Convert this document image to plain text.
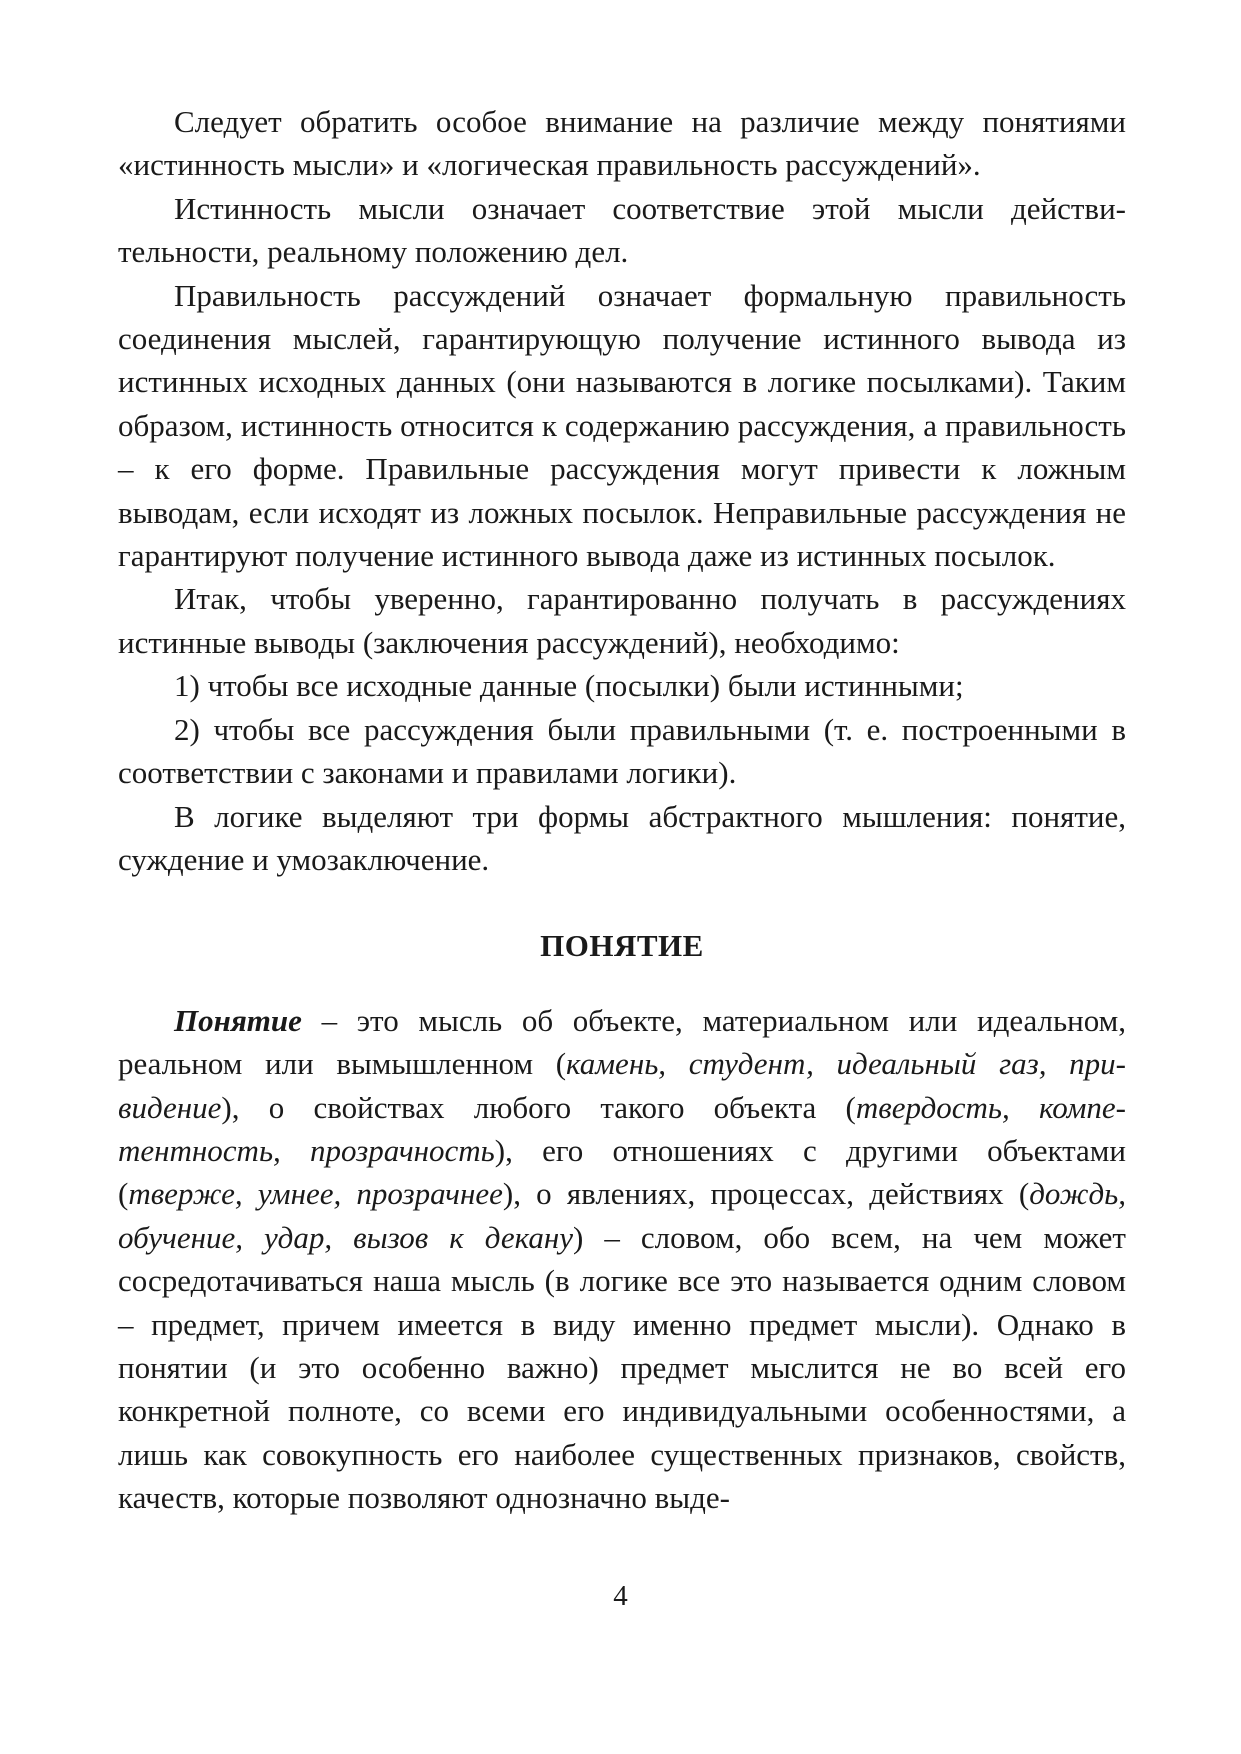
Следует обратить особое внимание на различие между понятиями «истинность мысли» и «логическая правильность рассуждений».

Истинность мысли означает соответствие этой мысли действительности, реальному положению дел.

Правильность рассуждений означает формальную правильность соединения мыслей, гарантирующую получение истинного вывода из истинных исходных данных (они называются в логике посылками). Таким образом, истинность относится к содержанию рассуждения, а правильность – к его форме. Правильные рассуждения могут привести к ложным выводам, если исходят из ложных посылок. Неправильные рассуждения не гарантируют получение истинного вывода даже из истинных посылок.

Итак, чтобы уверенно, гарантированно получать в рассуждениях истинные выводы (заключения рассуждений), необходимо:

1) чтобы все исходные данные (посылки) были истинными;

2) чтобы все рассуждения были правильными (т. е. построенными в соответствии с законами и правилами логики).

В логике выделяют три формы абстрактного мышления: понятие, суждение и умозаключение.

ПОНЯТИЕ

Понятие – это мысль об объекте, материальном или идеальном, реальном или вымышленном (камень, студент, идеальный газ, привидение), о свойствах любого такого объекта (твердость, компетентность, прозрачность), его отношениях с другими объектами (тверже, умнее, прозрачнее), о явлениях, процессах, действиях (дождь, обучение, удар, вызов к декану) – словом, обо всем, на чем может сосредотачиваться наша мысль (в логике все это называется одним словом – предмет, причем имеется в виду именно предмет мысли). Однако в понятии (и это особенно важно) предмет мыслится не во всей его конкретной полноте, со всеми его индивидуальными особенностями, а лишь как совокупность его наиболее существенных признаков, свойств, качеств, которые позволяют однозначно выде-

4
